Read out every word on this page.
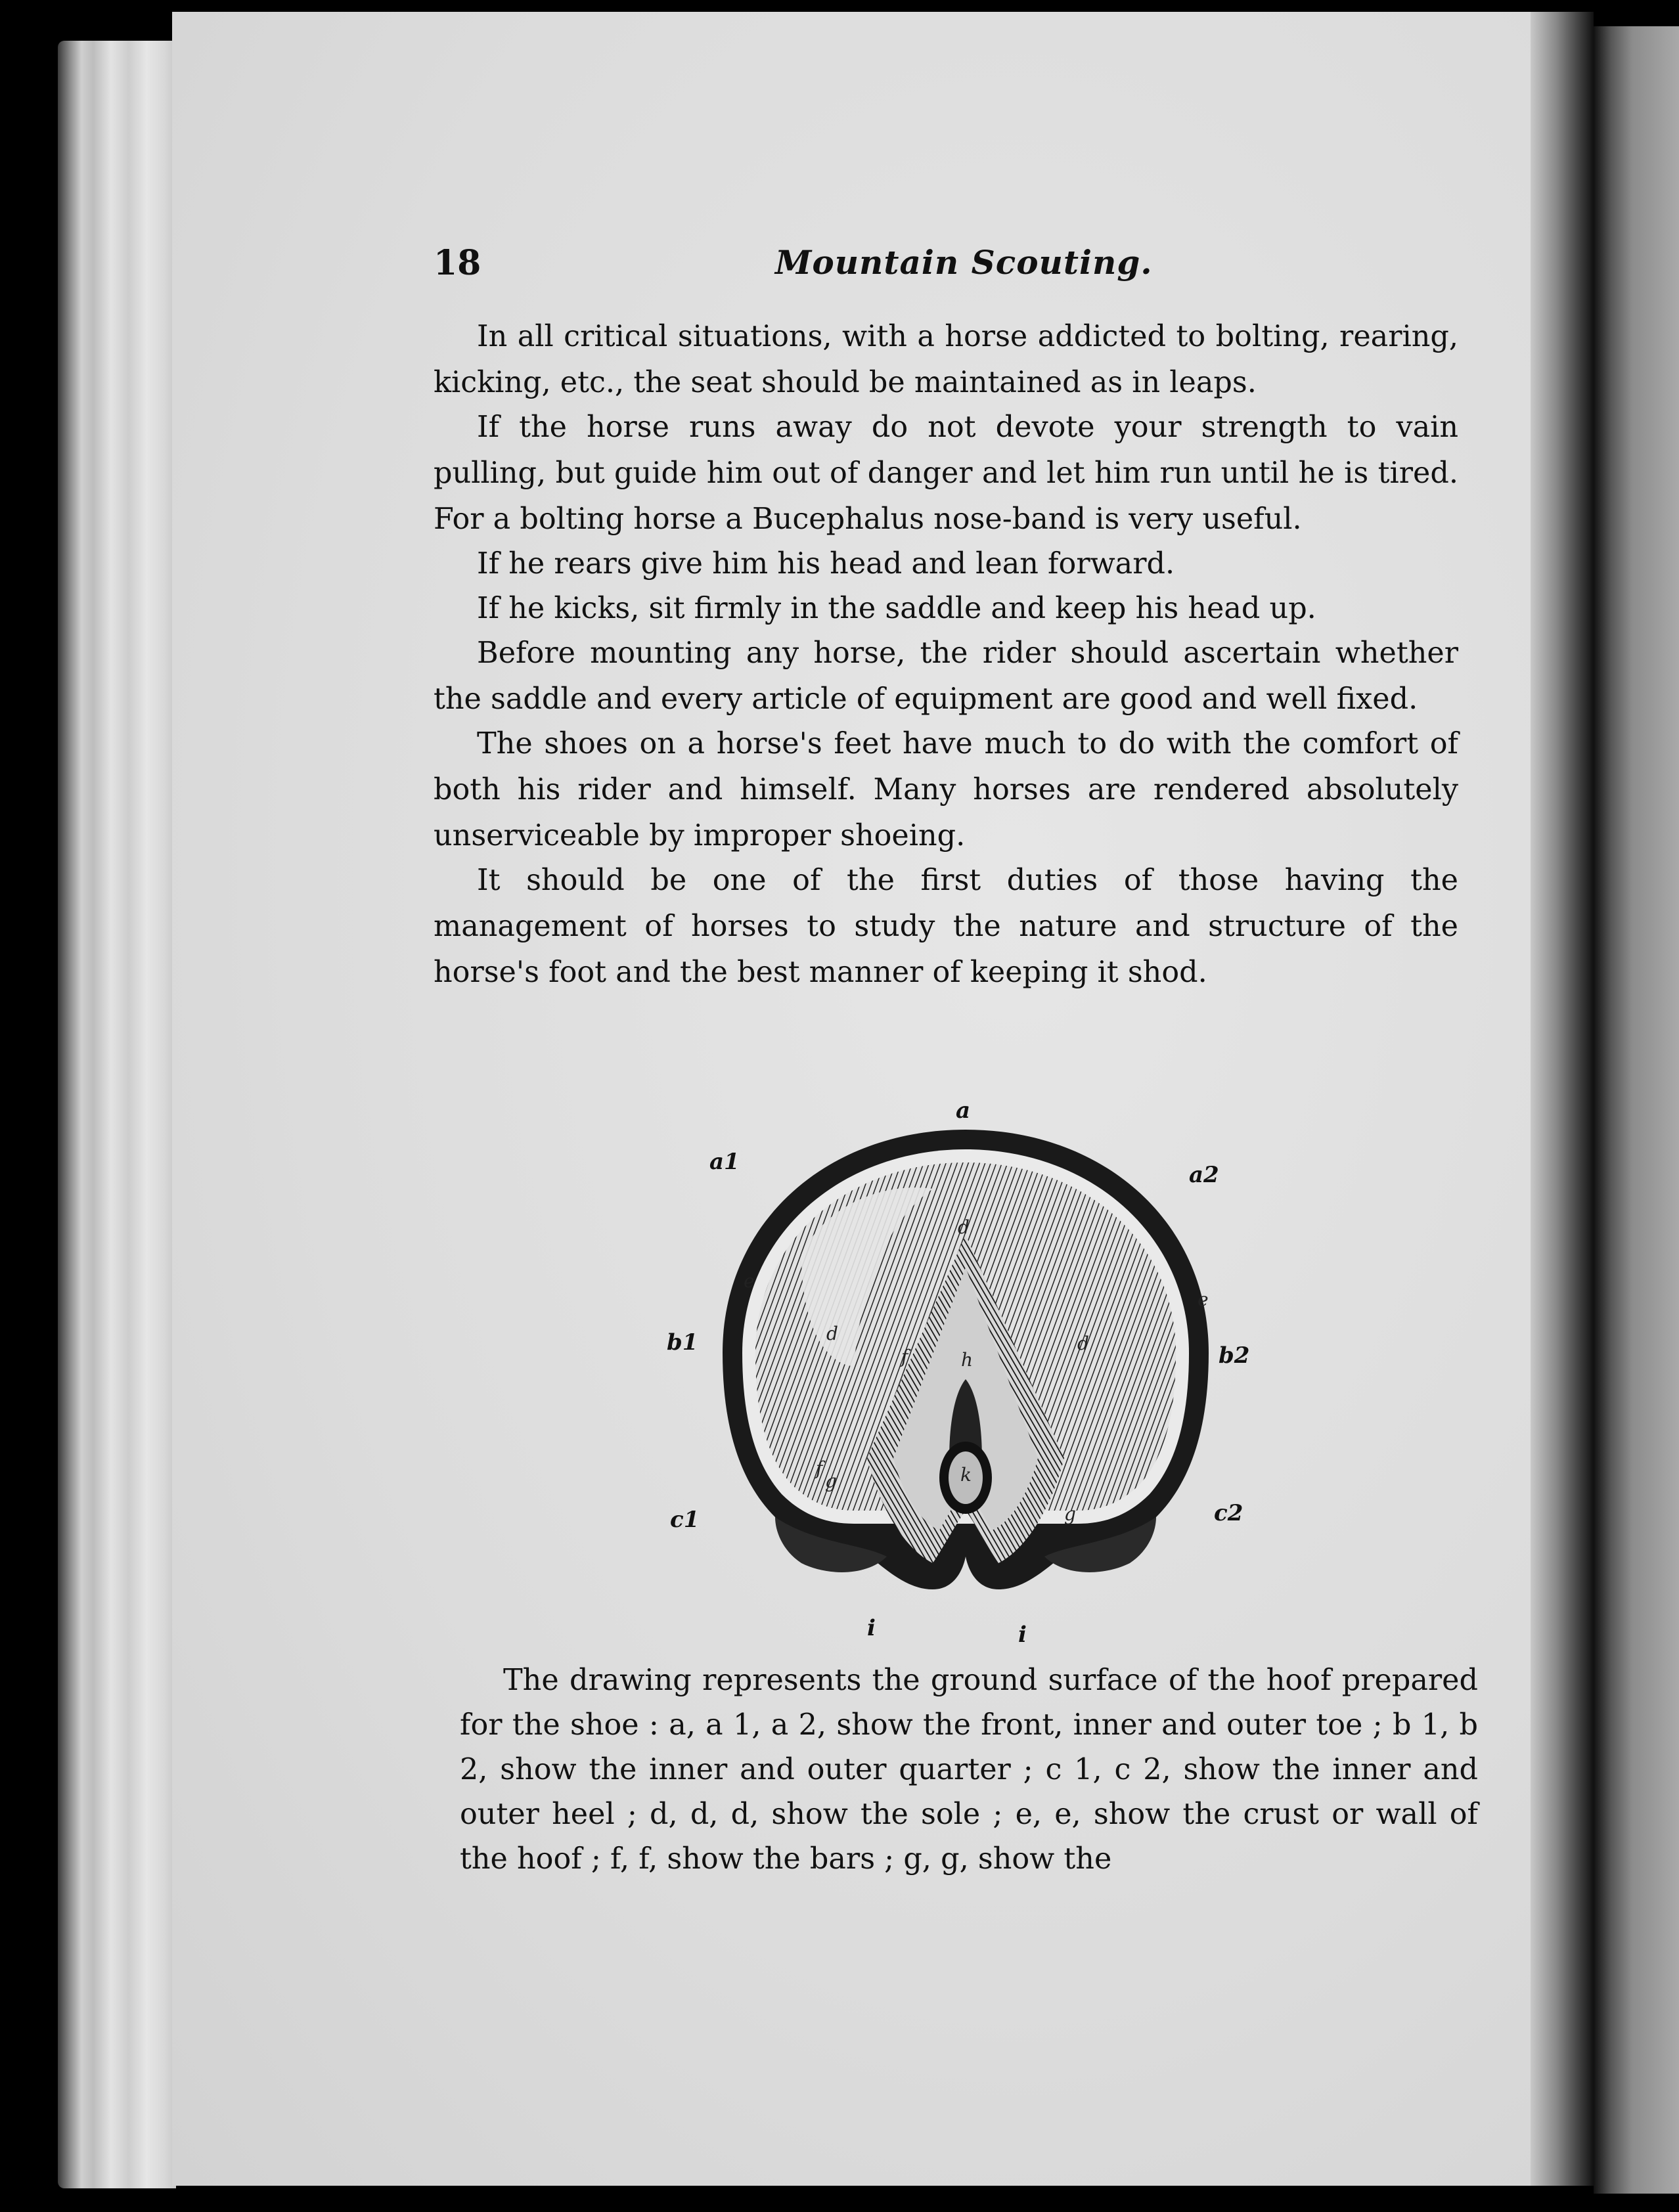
18	Mountain Scouting.

In all critical situations, with a horse addicted to bolting, rearing, kicking, etc., the seat should be maintained as in leaps.

If the horse runs away do not devote your strength to vain pulling, but guide him out of danger and let him run until he is tired. For a bolting horse a Bucephalus nose-band is very useful.

If he rears give him his head and lean forward.

If he kicks, sit firmly in the saddle and keep his head up.

Before mounting any horse, the rider should ascertain whether the saddle and every article of equipment are good and well fixed.

The shoes on a horse's feet have much to do with the comfort of both his rider and himself. Many horses are rendered absolutely unserviceable by improper shoeing.

It should be one of the first duties of those having the management of horses to study the nature and structure of the horse's foot and the best manner of keeping it shod.

a
a1	a2
b1	b2
c1	c2
d
d
d
e
e
h
k
g
g
f
f
i	i

The drawing represents the ground surface of the hoof prepared for the shoe : a, a 1, a 2, show the front, inner and outer toe ; b 1, b 2, show the inner and outer quarter ; c 1, c 2, show the inner and outer heel ; d, d, d, show the sole ; e, e, show the crust or wall of the hoof ; f, f, show the bars ; g, g, show the
